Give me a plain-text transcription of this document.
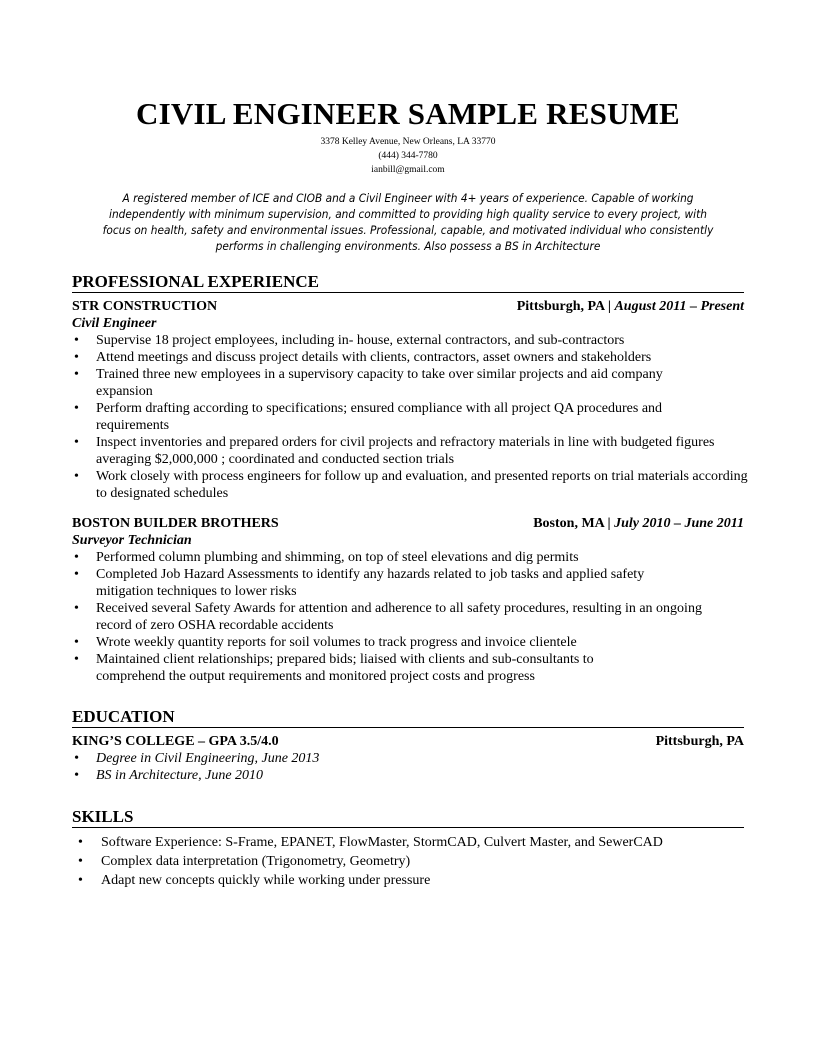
CIVIL ENGINEER SAMPLE RESUME
3378 Kelley Avenue, New Orleans, LA 33770
(444) 344-7780
ianbill@gmail.com
A registered member of ICE and CIOB and a Civil Engineer with 4+ years of experience. Capable of working independently with minimum supervision, and committed to providing high quality service to every project, with focus on health, safety and environmental issues. Professional, capable, and motivated individual who consistently performs in challenging environments. Also possess a BS in Architecture
PROFESSIONAL EXPERIENCE
STR CONSTRUCTION	Pittsburgh, PA | August 2011 – Present
Civil Engineer
• Supervise 18 project employees, including in- house, external contractors, and sub-contractors
• Attend meetings and discuss project details with clients, contractors, asset owners and stakeholders
• Trained three new employees in a supervisory capacity to take over similar projects and aid company expansion
• Perform drafting according to specifications; ensured compliance with all project QA procedures and requirements
• Inspect inventories and prepared orders for civil projects and refractory materials in line with budgeted figures averaging $2,000,000 ; coordinated and conducted section trials
• Work closely with process engineers for follow up and evaluation, and presented reports on trial materials according to designated schedules
BOSTON BUILDER BROTHERS	Boston, MA | July 2010 – June 2011
Surveyor Technician
• Performed column plumbing and shimming, on top of steel elevations and dig permits
• Completed Job Hazard Assessments to identify any hazards related to job tasks and applied safety mitigation techniques to lower risks
• Received several Safety Awards for attention and adherence to all safety procedures, resulting in an ongoing record of zero OSHA recordable accidents
• Wrote weekly quantity reports for soil volumes to track progress and invoice clientele
• Maintained client relationships; prepared bids; liaised with clients and sub-consultants to comprehend the output requirements and monitored project costs and progress
EDUCATION
KING’S COLLEGE – GPA 3.5/4.0	Pittsburgh, PA
• Degree in Civil Engineering, June 2013
• BS in Architecture, June 2010
SKILLS
• Software Experience: S-Frame, EPANET, FlowMaster, StormCAD, Culvert Master, and SewerCAD
• Complex data interpretation (Trigonometry, Geometry)
• Adapt new concepts quickly while working under pressure
